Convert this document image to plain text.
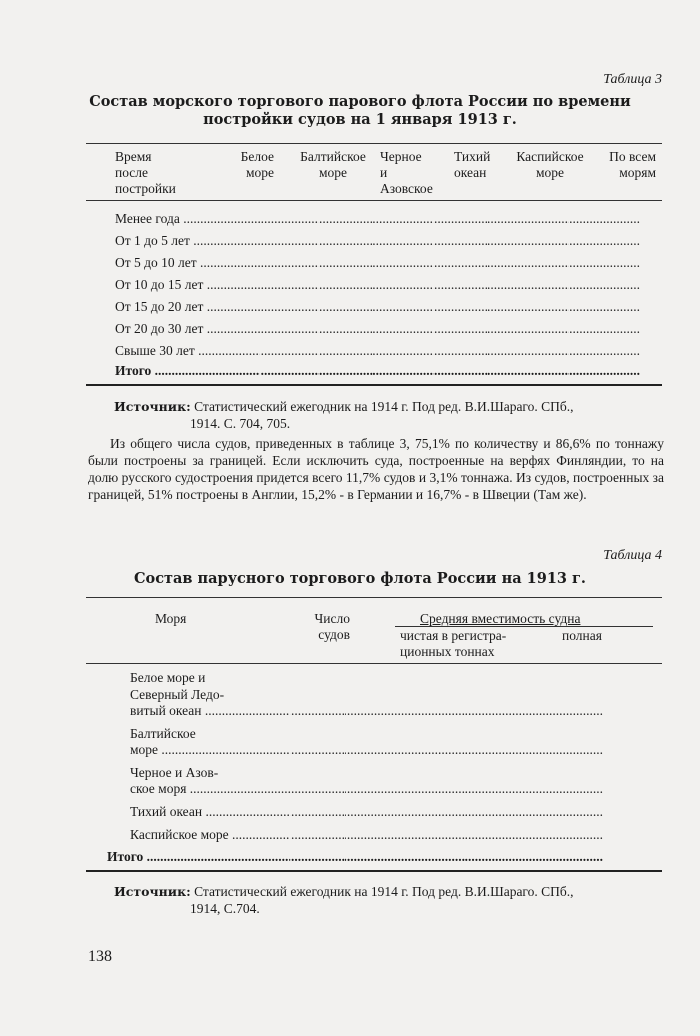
Таблица 3
Состав морского торгового парового флота России по времени
постройки судов на 1 января 1913 г.
Время
после
постройки
Белое
море
Балтийское
море
Черное
и
Азовское
Тихий
океан
Каспийское
море
По всем
морям
Менее года .....
.....
.....
.....
.....
.....
.....
От 1 до 5 лет .....
.....
.....
.....
.....
.....
.....
От 5 до 10 лет .....
.....
.....
.....
.....
.....
.....
От 10 до 15 лет .....
.....
.....
.....
.....
.....
.....
От 15 до 20 лет .....
.....
.....
.....
.....
.....
.....
От 20 до 30 лет .....
.....
.....
.....
.....
.....
.....
Свыше 30 лет .....
.....
.....
.....
.....
.....
.....
Итого .....
.....
.....
.....
.....
.....
.....
Источник: Статистический ежегодник на 1914 г. Под ред. В.И.Шараго. СПб.,
1914. С. 704, 705.
Из общего числа судов, приведенных в таблице 3, 75,1% по количеству и 86,6% по тоннажу были построены за границей. Если исключить суда, построенные на верфях Финляндии, то на долю русского судостроения придется всего 11,7% судов и 3,1% тоннажа. Из судов, построенных за границей, 51% построены в Англии, 15,2% - в Германии и 16,7% - в Швеции (Там же).
Таблица 4
Состав парусного торгового флота России на 1913 г.
Моря	Число
судов
Средняя вместимость судна
чистая в регистра-
ционных тоннах
полная
Белое море и
Северный Ледо-
витый океан .....
.....
.....
.....
Балтийское
море .....
.....
.....
.....
Черное и Азов-
ское моря .....
.....
.....
.....
Тихий океан .....
.....
.....
.....
Каспийское море .....
.....
.....
.....
Итого .....
.....
.....
.....
Источник: Статистический ежегодник на 1914 г. Под ред. В.И.Шараго. СПб.,
1914, С.704.
138
